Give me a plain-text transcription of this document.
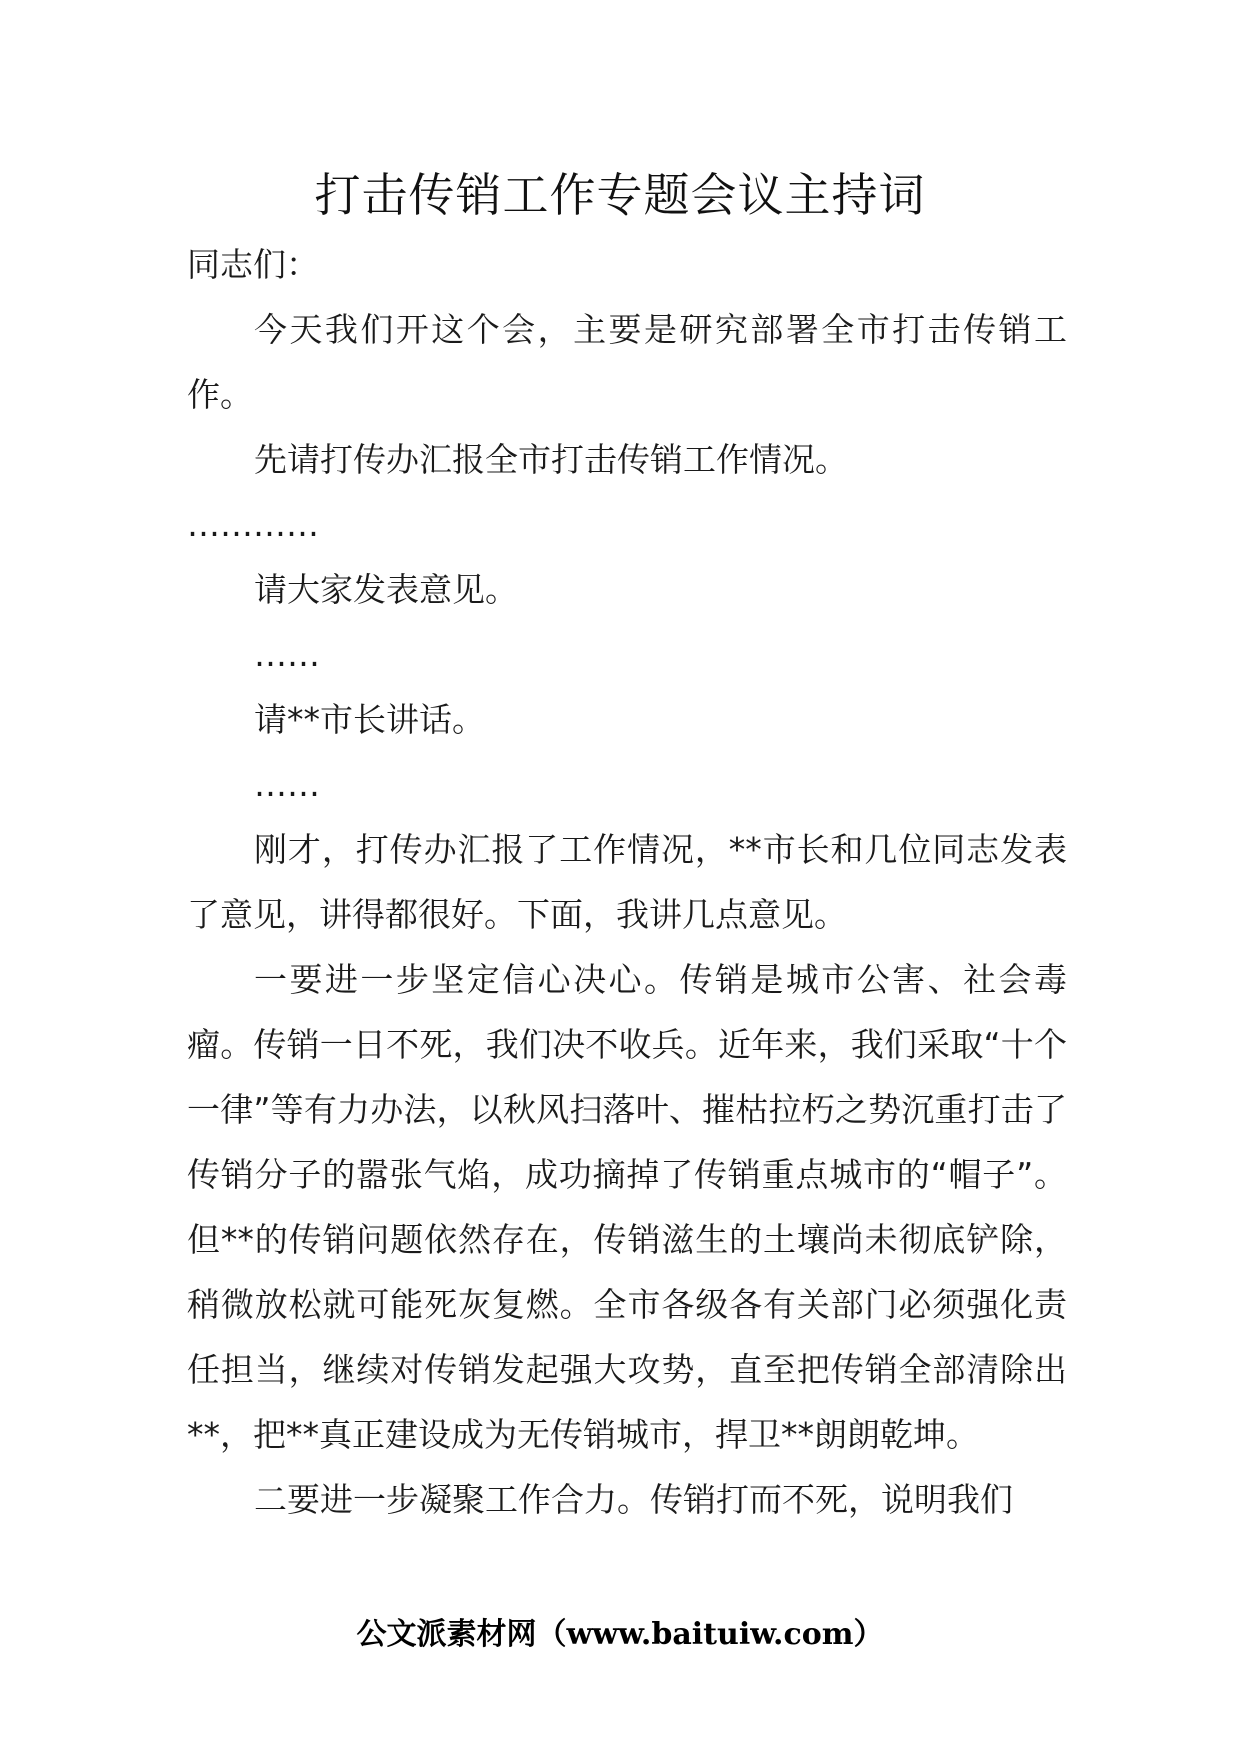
打击传销工作专题会议主持词

同志们：

今天我们开这个会，主要是研究部署全市打击传销工作。

先请打传办汇报全市打击传销工作情况。

…………

请大家发表意见。

……

请**市长讲话。

……

刚才，打传办汇报了工作情况，**市长和几位同志发表了意见，讲得都很好。下面，我讲几点意见。

一要进一步坚定信心决心。传销是城市公害、社会毒瘤。传销一日不死，我们决不收兵。近年来，我们采取“十个一律”等有力办法，以秋风扫落叶、摧枯拉朽之势沉重打击了传销分子的嚣张气焰，成功摘掉了传销重点城市的“帽子”。但**的传销问题依然存在，传销滋生的土壤尚未彻底铲除，稍微放松就可能死灰复燃。全市各级各有关部门必须强化责任担当，继续对传销发起强大攻势，直至把传销全部清除出**，把**真正建设成为无传销城市，捍卫**朗朗乾坤。

二要进一步凝聚工作合力。传销打而不死，说明我们

公文派素材网（www.baituiw.com）
